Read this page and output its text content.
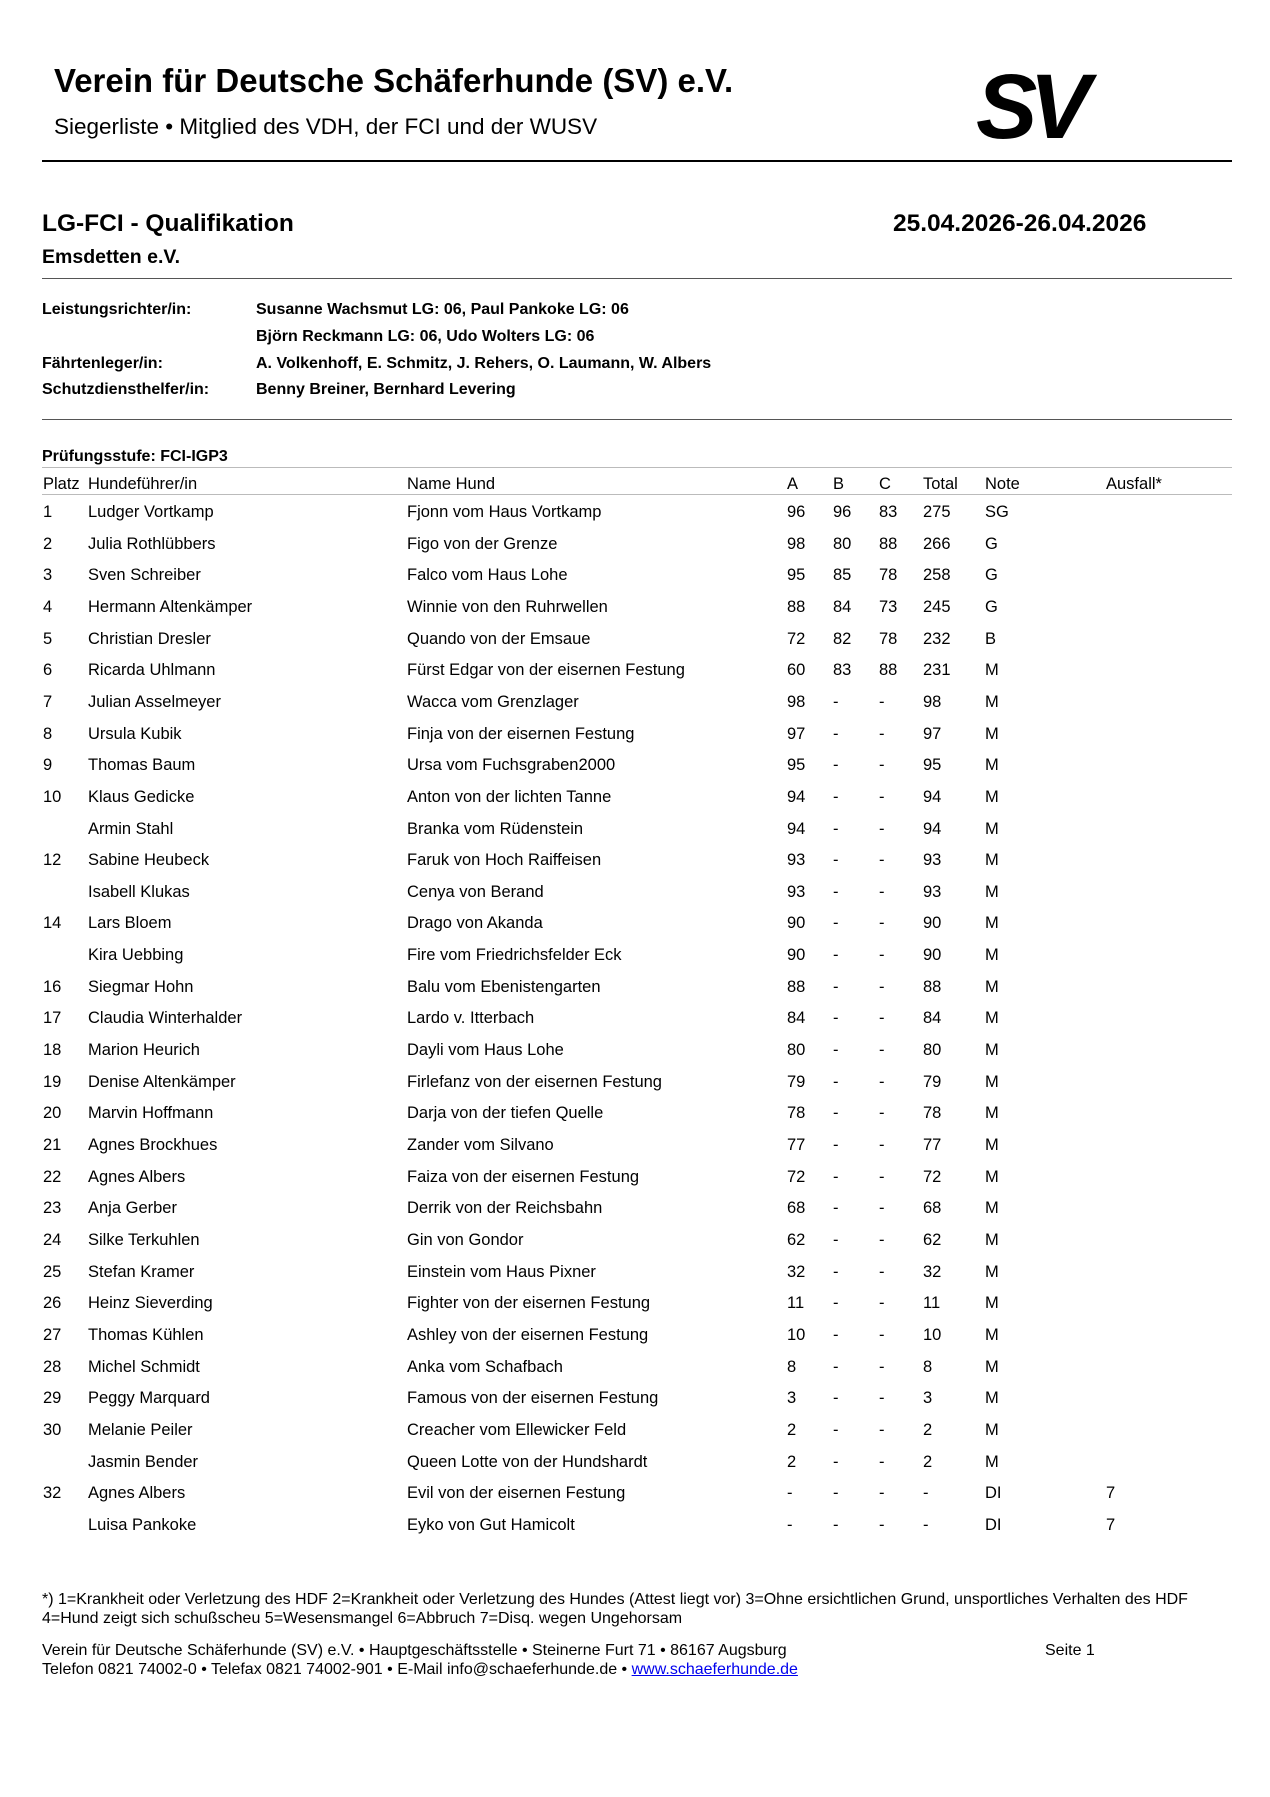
Verein für Deutsche Schäferhunde (SV) e.V.
Siegerliste • Mitglied des VDH, der FCI und der WUSV	SV
LG-FCI - Qualifikation	25.04.2026-26.04.2026
Emsdetten e.V.
Leistungsrichter/in:	Susanne Wachsmut LG: 06, Paul Pankoke LG: 06
Björn Reckmann LG: 06, Udo Wolters LG: 06
Fährtenleger/in:	A. Volkenhoff, E. Schmitz, J. Rehers, O. Laumann, W. Albers
Schutzdiensthelfer/in:	Benny Breiner, Bernhard Levering
Prüfungsstufe: FCI-IGP3
Platz Hundeführer/in	Name Hund	A B C Total Note	Ausfall*
1 Ludger Vortkamp	Fjonn vom Haus Vortkamp	96 96 83 275 SG
2 Julia Rothlübbers	Figo von der Grenze	98 80 88 266 G
3 Sven Schreiber	Falco vom Haus Lohe	95 85 78 258 G
4 Hermann Altenkämper	Winnie von den Ruhrwellen	88 84 73 245 G
5 Christian Dresler	Quando von der Emsaue	72 82 78 232 B
6 Ricarda Uhlmann	Fürst Edgar von der eisernen Festung	60 83 88 231 M
7 Julian Asselmeyer	Wacca vom Grenzlager	98 - - 98	M
8 Ursula Kubik	Finja von der eisernen Festung	97 - - 97	M
9 Thomas Baum	Ursa vom Fuchsgraben2000	95 - - 95	M
10 Klaus Gedicke	Anton von der lichten Tanne	94 - - 94	M
Armin Stahl	Branka vom Rüdenstein	94 - - 94	M
12 Sabine Heubeck	Faruk von Hoch Raiffeisen	93 - - 93	M
Isabell Klukas	Cenya von Berand	93 - - 93	M
14 Lars Bloem	Drago von Akanda	90 - - 90	M
Kira Uebbing	Fire vom Friedrichsfelder Eck	90 - - 90	M
16 Siegmar Hohn	Balu vom Ebenistengarten	88 - - 88	M
17 Claudia Winterhalder	Lardo v. Itterbach	84 - - 84	M
18 Marion Heurich	Dayli vom Haus Lohe	80 - - 80	M
19 Denise Altenkämper	Firlefanz von der eisernen Festung	79 - - 79	M
20 Marvin Hoffmann	Darja von der tiefen Quelle	78 - - 78	M
21 Agnes Brockhues	Zander vom Silvano	77 - - 77	M
22 Agnes Albers	Faiza von der eisernen Festung	72 - - 72	M
23 Anja Gerber	Derrik von der Reichsbahn	68 - - 68	M
24 Silke Terkuhlen	Gin von Gondor	62 - - 62	M
25 Stefan Kramer	Einstein vom Haus Pixner	32 - - 32	M
26 Heinz Sieverding	Fighter von der eisernen Festung	11 - - 11	M
27 Thomas Kühlen	Ashley von der eisernen Festung	10 - - 10	M
28 Michel Schmidt	Anka vom Schafbach	8 - - 8	M
29 Peggy Marquard	Famous von der eisernen Festung	3 - - 3	M
30 Melanie Peiler	Creacher vom Ellewicker Feld	2 - - 2	M
Jasmin Bender	Queen Lotte von der Hundshardt	2 - - 2	M
32 Agnes Albers	Evil von der eisernen Festung	- - - -	DI	7
Luisa Pankoke	Eyko von Gut Hamicolt	- - - -	DI	7
*) 1=Krankheit oder Verletzung des HDF 2=Krankheit oder Verletzung des Hundes (Attest liegt vor) 3=Ohne ersichtlichen Grund, unsportliches Verhalten des HDF 4=Hund zeigt sich schußscheu 5=Wesensmangel 6=Abbruch 7=Disq. wegen Ungehorsam
Verein für Deutsche Schäferhunde (SV) e.V. • Hauptgeschäftsstelle • Steinerne Furt 71 • 86167 Augsburg	Seite 1
Telefon 0821 74002-0 • Telefax 0821 74002-901 • E-Mail info@schaeferhunde.de • www.schaeferhunde.de
